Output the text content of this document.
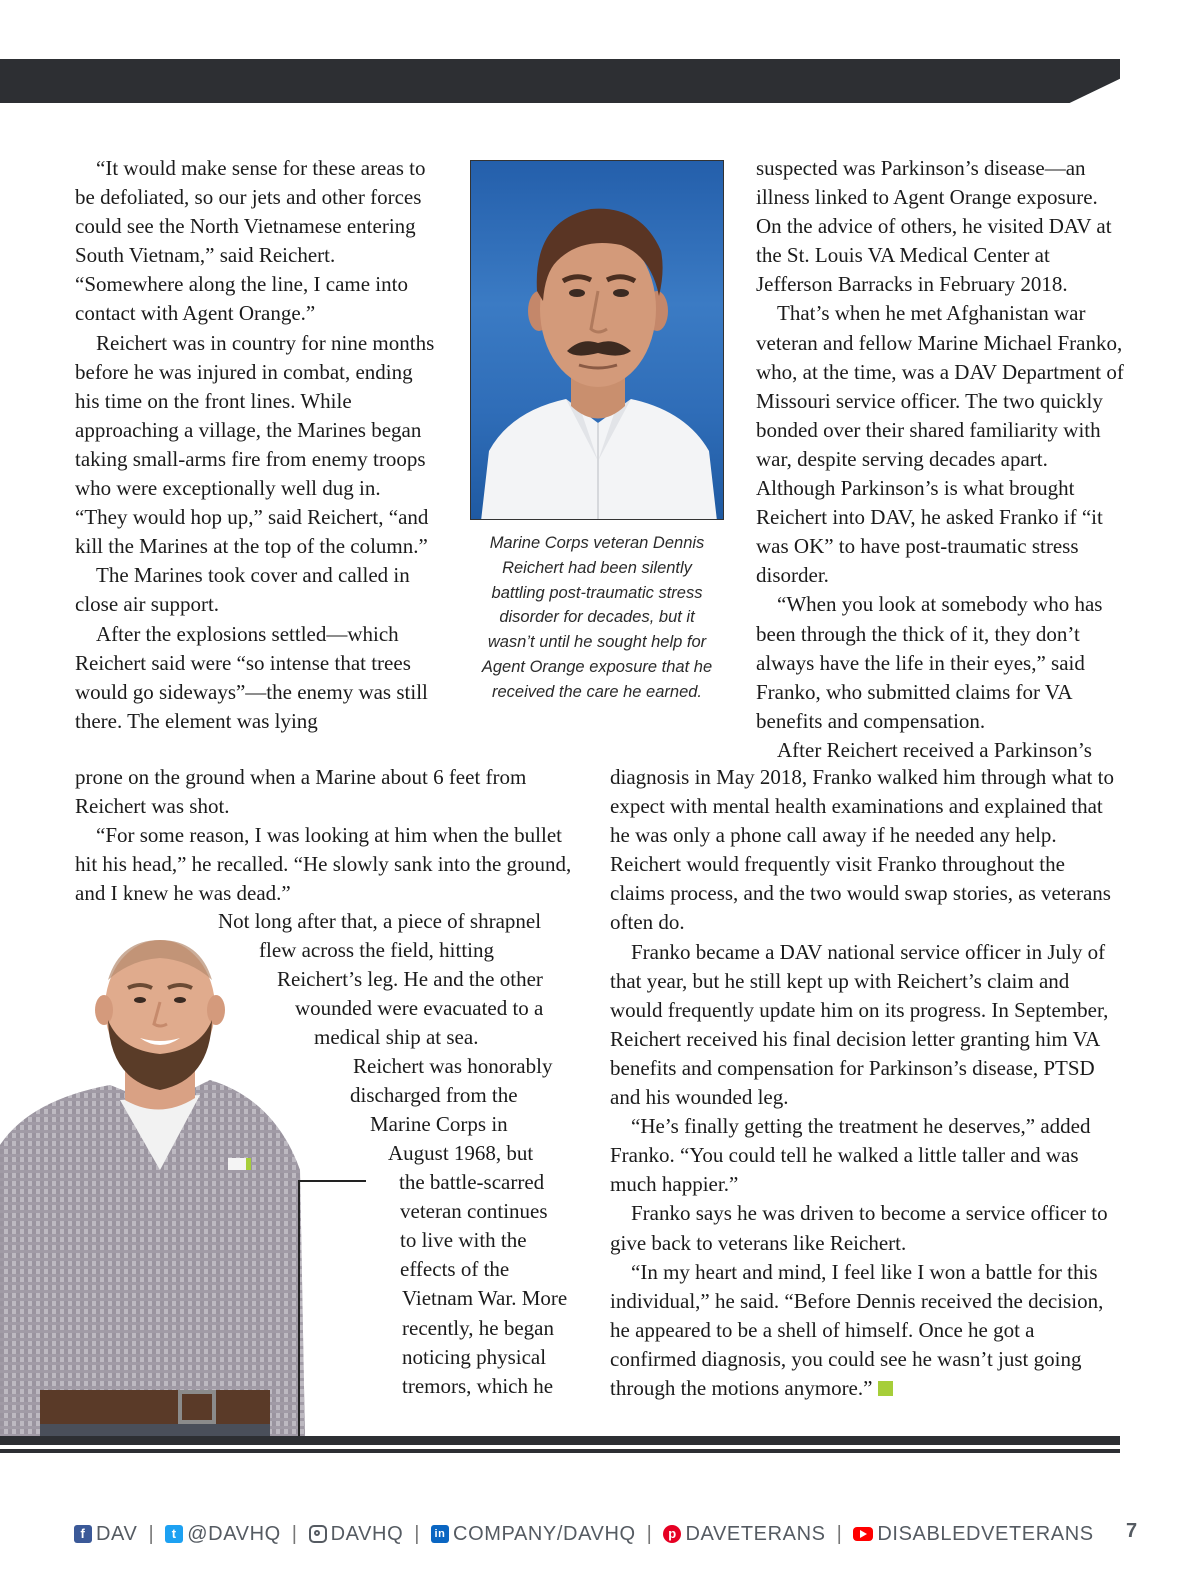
“It would make sense for these areas to be defoliated, so our jets and other forces could see the North Vietnamese entering South Vietnam,” said Reichert. “Somewhere along the line, I came into contact with Agent Orange.”

Reichert was in country for nine months before he was injured in combat, ending his time on the front lines. While approaching a village, the Marines began taking small-arms fire from enemy troops who were exceptionally well dug in. “They would hop up,” said Reichert, “and kill the Marines at the top of the column.”

The Marines took cover and called in close air support.

After the explosions settled—which Reichert said were “so intense that trees would go sideways”—the enemy was still there. The element was lying

Marine Corps veteran Dennis
Reichert had been silently
battling post-traumatic stress
disorder for decades, but it
wasn’t until he sought help for
Agent Orange exposure that he
received the care he earned.

suspected was Parkinson’s disease—an illness linked to Agent Orange exposure. On the advice of others, he visited DAV at the St. Louis VA Medical Center at Jefferson Barracks in February 2018.

That’s when he met Afghanistan war veteran and fellow Marine Michael Franko, who, at the time, was a DAV Department of Missouri service officer. The two quickly bonded over their shared familiarity with war, despite serving decades apart. Although Parkinson’s is what brought Reichert into DAV, he asked Franko if “it was OK” to have post-traumatic stress disorder.

“When you look at somebody who has been through the thick of it, they don’t always have the life in their eyes,” said Franko, who submitted claims for VA benefits and compensation.

After Reichert received a Parkinson’s

prone on the ground when a Marine about 6 feet from Reichert was shot.

“For some reason, I was looking at him when the bullet hit his head,” he recalled. “He slowly sank into the ground, and I knew he was dead.”

diagnosis in May 2018, Franko walked him through what to expect with mental health examinations and explained that he was only a phone call away if he needed any help. Reichert would frequently visit Franko throughout the claims process, and the two would swap stories, as veterans often do.

Franko became a DAV national service officer in July of that year, but he still kept up with Reichert’s claim and would frequently update him on its progress. In September, Reichert received his final decision letter granting him VA benefits and compensation for Parkinson’s disease, PTSD and his wounded leg.

“He’s finally getting the treatment he deserves,” added Franko. “You could tell he walked a little taller and was much happier.”

Franko says he was driven to become a service officer to give back to veterans like Reichert.

“In my heart and mind, I feel like I won a battle for this individual,” he said. “Before Dennis received the decision, he appeared to be a shell of himself. Once he got a confirmed diagnosis, you could see he wasn’t just going through the motions anymore.”

Not long after that, a piece of shrapnel
flew across the field, hitting
Reichert’s leg. He and the other
wounded were evacuated to a
medical ship at sea.
Reichert was honorably
discharged from the
Marine Corps in
August 1968, but
the battle-scarred
veteran continues
to live with the
effects of the
Vietnam War. More
recently, he began
noticing physical
tremors, which he
f DAV |	t @DAVHQ | DAVHQ |	in COMPANY/DAVHQ |	p DAVETERANS | DISABLEDVETERANS 7
